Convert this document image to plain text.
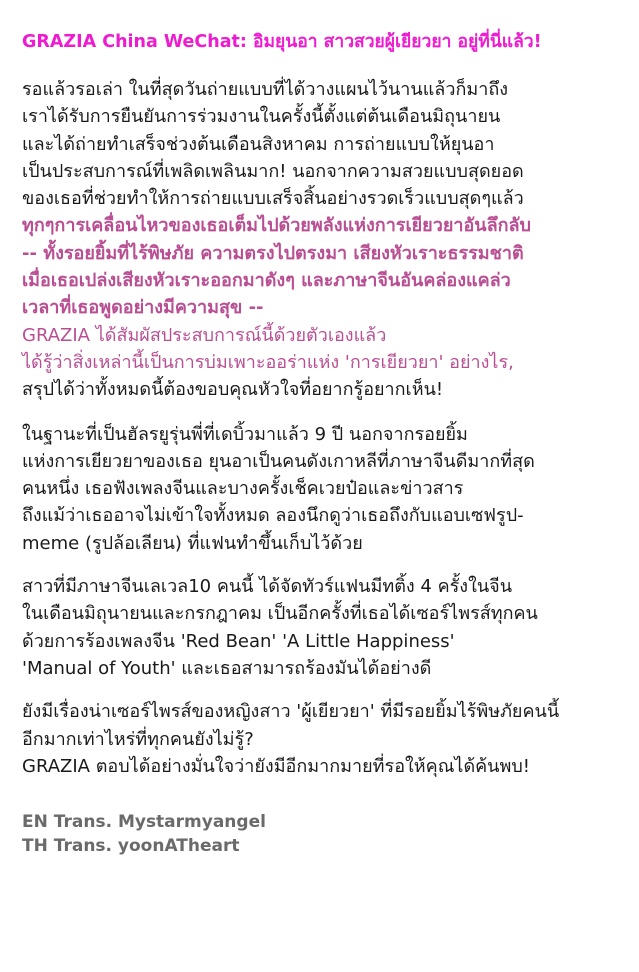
GRAZIA China WeChat: อิมยุนอา สาวสวยผู้เยียวยา อยู่ที่นี่แล้ว!
รอแล้วรอเล่า ในที่สุดวันถ่ายแบบที่ได้วางแผนไว้นานแล้วก็มาถึง
เราได้รับการยืนยันการร่วมงานในครั้งนี้ตั้งแต่ต้นเดือนมิถุนายน
และได้ถ่ายทำเสร็จช่วงต้นเดือนสิงหาคม การถ่ายแบบให้ยุนอา
เป็นประสบการณ์ที่เพลิดเพลินมาก! นอกจากความสวยแบบสุดยอด
ของเธอที่ช่วยทำให้การถ่ายแบบเสร็จสิ้นอย่างรวดเร็วแบบสุดๆแล้ว
ทุกๆการเคลื่อนไหวของเธอเต็มไปด้วยพลังแห่งการเยียวยาอันลึกลับ
-- ทั้งรอยยิ้มที่ไร้พิษภัย ความตรงไปตรงมา เสียงหัวเราะธรรมชาติ
เมื่อเธอเปล่งเสียงหัวเราะออกมาดังๆ และภาษาจีนอันคล่องแคล่ว
เวลาที่เธอพูดอย่างมีความสุข --
GRAZIA ได้สัมผัสประสบการณ์นี้ด้วยตัวเองแล้ว
ได้รู้ว่าสิ่งเหล่านี้เป็นการบ่มเพาะออร่าแห่ง 'การเยียวยา' อย่างไร,
สรุปได้ว่าทั้งหมดนี้ต้องขอบคุณหัวใจที่อยากรู้อยากเห็น!
ในฐานะที่เป็นฮัลรยูรุ่นพี่ที่เดบิ้วมาแล้ว 9 ปี นอกจากรอยยิ้ม
แห่งการเยียวยาของเธอ ยุนอาเป็นคนดังเกาหลีที่ภาษาจีนดีมากที่สุด
คนหนึ่ง เธอฟังเพลงจีนและบางครั้งเช็คเวยป๋อและข่าวสาร
ถึงแม้ว่าเธออาจไม่เข้าใจทั้งหมด ลองนึกดูว่าเธอถึงกับแอบเซฟรูป-
meme (รูปล้อเลียน) ที่แฟนทำขึ้นเก็บไว้ด้วย
สาวที่มีภาษาจีนเลเวล10 คนนี้ ได้จัดทัวร์แฟนมีทติ้ง 4 ครั้งในจีน
ในเดือนมิถุนายนและกรกฎาคม เป็นอีกครั้งที่เธอได้เซอร์ไพรส์ทุกคน
ด้วยการร้องเพลงจีน 'Red Bean' 'A Little Happiness'
'Manual of Youth' และเธอสามารถร้องมันได้อย่างดี
ยังมีเรื่องน่าเซอร์ไพรส์ของหญิงสาว 'ผู้เยียวยา' ที่มีรอยยิ้มไร้พิษภัยคนนี้
อีกมากเท่าไหร่ที่ทุกคนยังไม่รู้?
GRAZIA ตอบได้อย่างมั่นใจว่ายังมีอีกมากมายที่รอให้คุณได้ค้นพบ!
EN Trans. Mystarmyangel
TH Trans. yoonATheart
